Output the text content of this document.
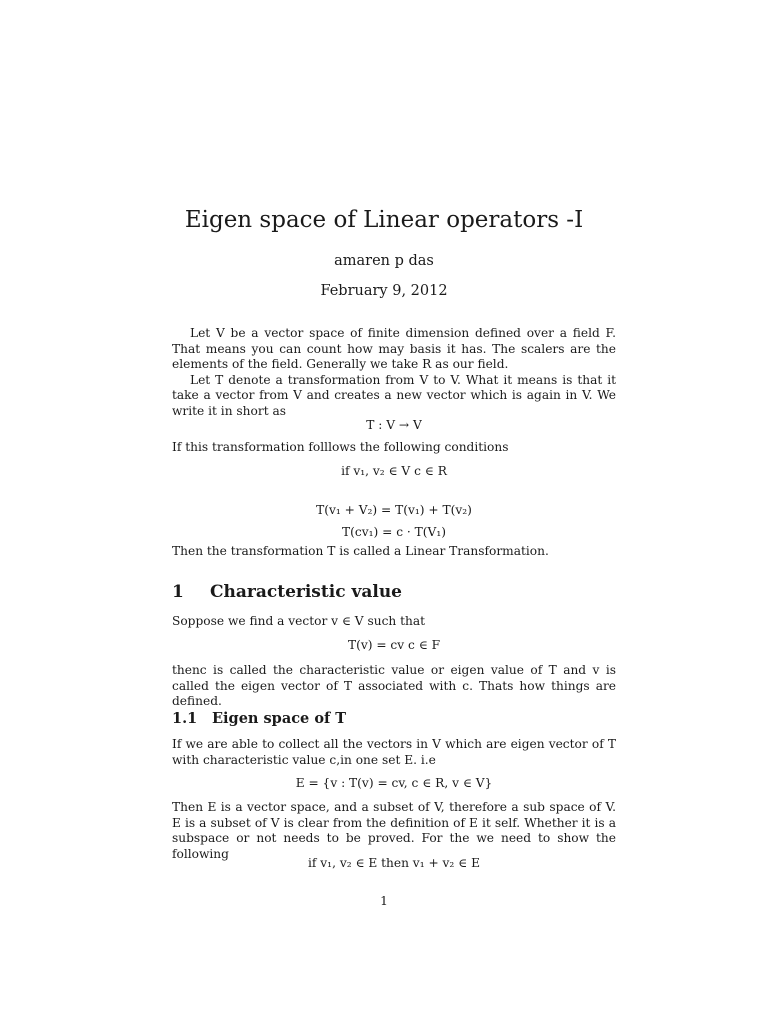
Eigen space of Linear operators -I
amaren p das
February 9, 2012

Let V be a vector space of finite dimension defined over a field F. That means you can count how may basis it has. The scalers are the elements of the field. Generally we take R as our field.

Let T denote a transformation from V to V. What it means is that it take a vector from V and creates a new vector which is again in V. We write it in short as

T : V → V
If this transformation folllows the following conditions
if v₁, v₂ ∈ V c ∈ R
T(v₁ + V₂) = T(v₁) + T(v₂)
T(cv₁) = c · T(V₁)
Then the transformation T is called a Linear Transformation.
1 Characteristic value
Soppose we find a vector v ∈ V such that
T(v) = cv c ∈ F
thenc is called the characteristic value or eigen value of T and v is called the eigen vector of T associated with c. Thats how things are defined.
1.1 Eigen space of T
If we are able to collect all the vectors in V which are eigen vector of T with characteristic value c,in one set E. i.e
E = {v : T(v) = cv, c ∈ R, v ∈ V}
Then E is a vector space, and a subset of V, therefore a sub space of V. E is a subset of V is clear from the definition of E it self. Whether it is a subspace or not needs to be proved. For the we need to show the following
if v₁, v₂ ∈ E then v₁ + v₂ ∈ E
1
